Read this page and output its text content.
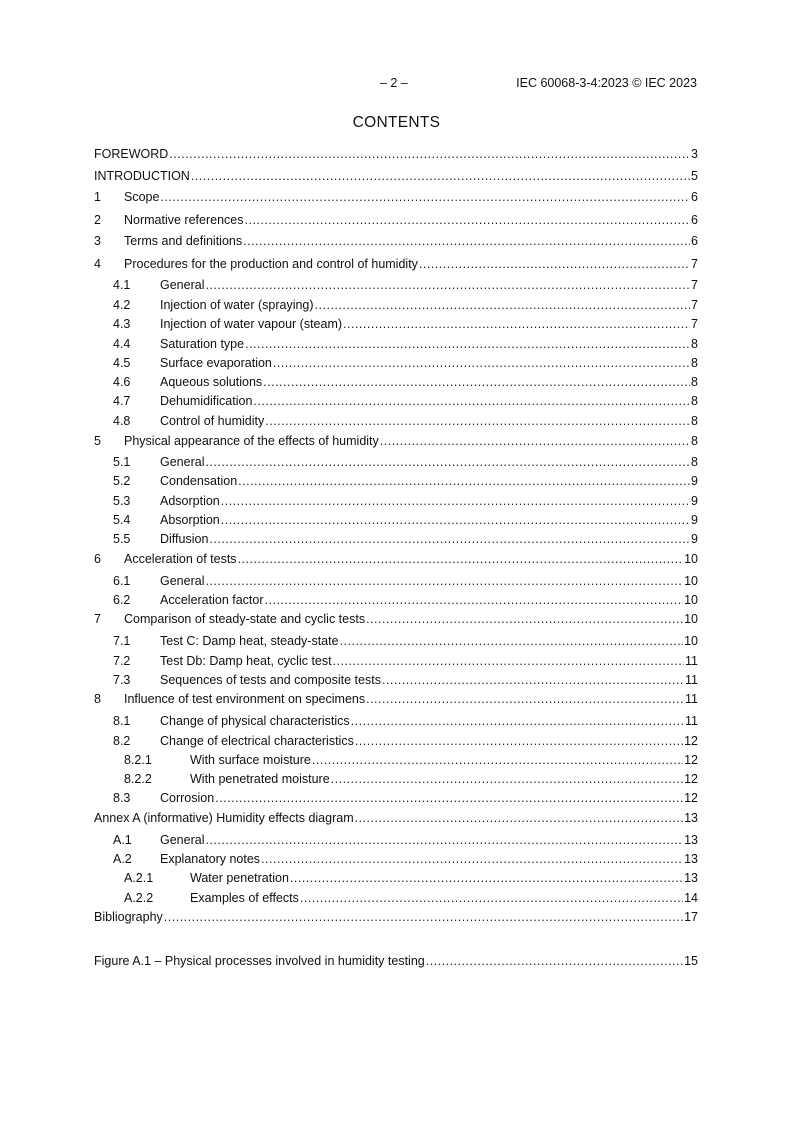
– 2 –	IEC 60068-3-4:2023 © IEC 2023
CONTENTS
FOREWORD .....	3
INTRODUCTION .....	5
1	Scope .....	6
2	Normative references .....	6
3	Terms and definitions .....	6
4	Procedures for the production and control of humidity .....	7
4.1	General .....	7
4.2	Injection of water (spraying) .....	7
4.3	Injection of water vapour (steam) .....	7
4.4	Saturation type .....	8
4.5	Surface evaporation .....	8
4.6	Aqueous solutions .....	8
4.7	Dehumidification .....	8
4.8	Control of humidity .....	8
5	Physical appearance of the effects of humidity .....	8
5.1	General .....	8
5.2	Condensation .....	9
5.3	Adsorption .....	9
5.4	Absorption .....	9
5.5	Diffusion .....	9
6	Acceleration of tests .....	10
6.1	General .....	10
6.2	Acceleration factor .....	10
7	Comparison of steady-state and cyclic tests .....	10
7.1	Test C: Damp heat, steady-state .....	10
7.2	Test Db: Damp heat, cyclic test .....	11
7.3	Sequences of tests and composite tests .....	11
8	Influence of test environment on specimens .....	11
8.1	Change of physical characteristics .....	11
8.2	Change of electrical characteristics .....	12
8.2.1	With surface moisture .....	12
8.2.2	With penetrated moisture .....	12
8.3	Corrosion .....	12
Annex A (informative) Humidity effects diagram .....	13
A.1	General .....	13
A.2	Explanatory notes .....	13
A.2.1	Water penetration .....	13
A.2.2	Examples of effects .....	14
Bibliography .....	17
Figure A.1 – Physical processes involved in humidity testing .....	15
